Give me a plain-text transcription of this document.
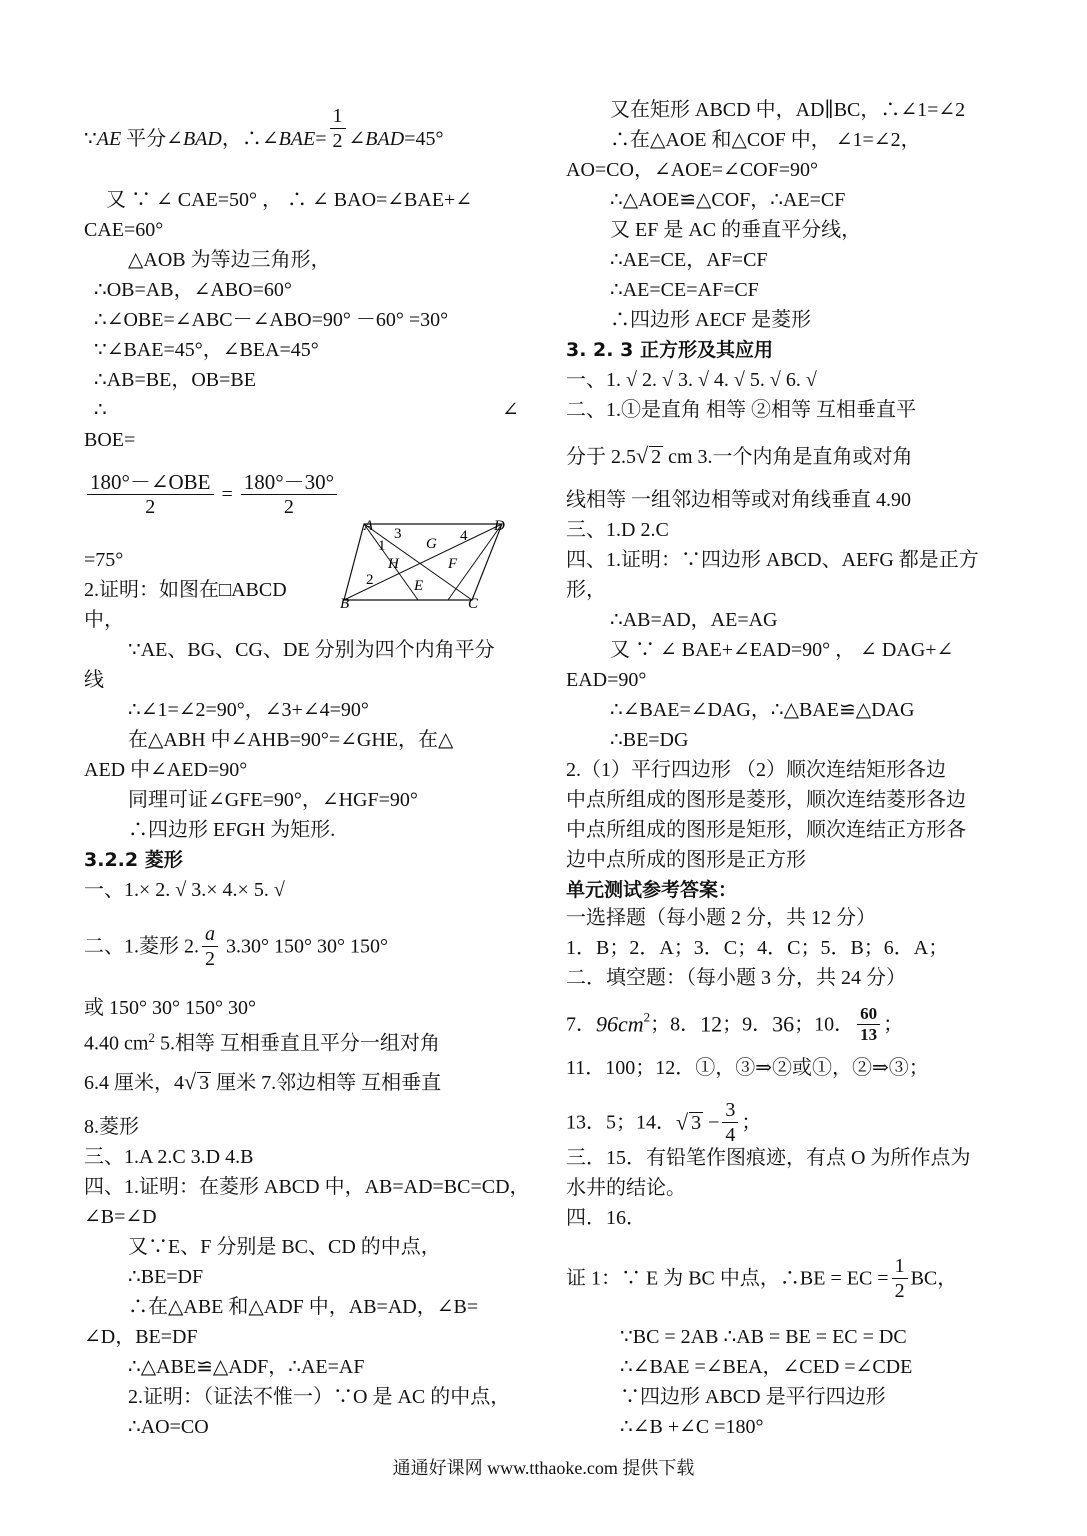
∵AE 平分∠BAD，∴∠BAE= $\frac{1}{2}$ ∠BAD=45°
又 ∵ ∠ CAE=50° ， ∴ ∠ BAO=∠BAE+∠
CAE=60°
△AOB 为等边三角形，
∴OB=AB，∠ABO=60°
∴∠OBE=∠ABC－∠ABO=90° －60° =30°
∵∠BAE=45°，∠BEA=45°
∴AB=BE，OB=BE
∴	∠
BOE=
$\frac{\text{180°－∠OBE}}{2} = \frac{180^\circ-30^\circ}{2}$
=75°
2.证明：如图在□ABCD
中，
∵AE、BG、CG、DE 分别为四个内角平分
线
∴∠1=∠2=90°，∠3+∠4=90°
在△ABH 中∠AHB=90°=∠GHE，在△
AED 中∠AED=90°
同理可证∠GFE=90°，∠HGF=90°
∴四边形 EFGH 为矩形.
3.2.2 菱形
一、1.× 2. √ 3.× 4.× 5. √
二、1.菱形 2. $\frac{a}{2} 3.30^\circ$ 150° 30° 150°
或 150° 30° 150° 30°
4.40 $cm^2$ 5.相等 互相垂直且平分一组对角
6.4 厘米，4√ 3 厘米 7.邻边相等 互相垂直
8.菱形
三、1.A 2.C 3.D 4.B
四、1.证明：在菱形 ABCD 中，AB=AD=BC=CD，
∠B=∠D
又∵E、F 分别是 BC、CD 的中点，
∴BE=DF
∴在△ABE 和△ADF 中，AB=AD，∠B=
∠D，BE=DF
∴△ABE≌△ADF，∴AE=AF
2.证明：（证法不惟一）∵O 是 AC 的中点，
∴AO=CO
A	D
B	C
H
G
E
F
1
2
3	4
又在矩形 ABCD 中，AD∥BC，∴∠1=∠2
∴在△AOE 和△COF 中， ∠1=∠2，
AO=CO，∠AOE=∠COF=90°
∴△AOE≌△COF，∴AE=CF
又 EF 是 AC 的垂直平分线，
∴AE=CE，AF=CF
∴AE=CE=AF=CF
∴四边形 AECF 是菱形
3. 2. 3 正方形及其应用
一、1. √ 2. √ 3. √ 4. √ 5. √ 6. √
二、1.①是直角 相等 ②相等 互相垂直平
分于 2.5√ 2 cm 3.一个内角是直角或对角
线相等 一组邻边相等或对角线垂直 4.90
三、1.D 2.C
四、1.证明：∵四边形 ABCD、AEFG 都是正方
形，
∴AB=AD，AE=AG
又 ∵ ∠ BAE+∠EAD=90° ， ∠ DAG+∠
EAD=90°
∴∠BAE=∠DAG，∴△BAE≌△DAG
∴BE=DG
2.（1）平行四边形 （2）顺次连结矩形各边
中点所组成的图形是菱形，顺次连结菱形各边
中点所组成的图形是矩形，顺次连结正方形各
边中点所成的图形是正方形
单元测试参考答案：
一选择题（每小题 2 分，共 12 分）
1．B；2．A；3．C；4．C；5．B；6．A；
二．填空题：（每小题 3 分，共 24 分）
7．$96cm^2$；8．12；9．36；10． $\frac{60}{13}$ ；
11．100；12．①，③⇒②或①，②⇒③；
13．5；14．√ $3 - \frac{3}{4}$ ；
三．15．有铅笔作图痕迹，有点 O 为所作点为
水井的结论。
四．16．
证 1：∵ E 为 BC 中点，∴BE = EC = $\frac{1}{2}$ BC，
∵BC = 2AB ∴AB = BE = EC = DC
∴∠BAE =∠BEA，∠CED =∠CDE
∵四边形 ABCD 是平行四边形
∴∠B +∠C =180°
通通好课网 www.tthaoke.com 提供下载
